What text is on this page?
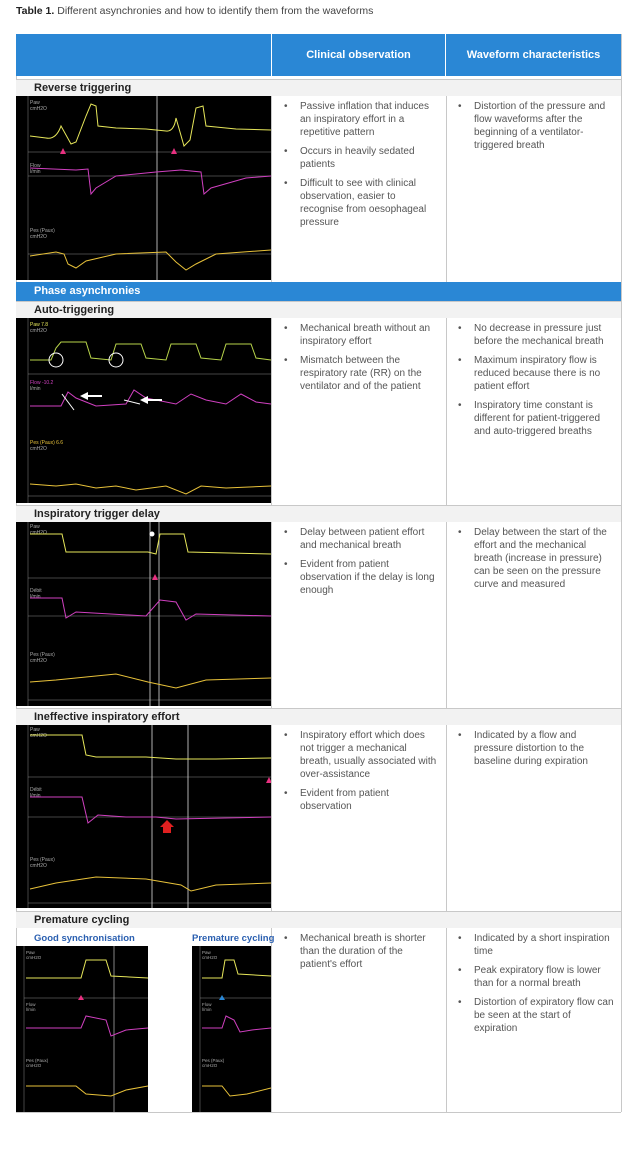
Table 1. Different asynchronies and how to identify them from the waveforms
Clinical observation	Waveform characteristics
Reverse triggering
Paw
cmH2O
Flow
l/min
Pes (Paux)
cmH2O
• Passive inflation that induces an inspiratory effort in a repetitive pattern
• Occurs in heavily sedated patients
• Difficult to see with clinical observation, easier to recognise from oesophageal pressure
• Distortion of the pressure and flow waveforms after the beginning of a ventilator-triggered breath
Phase asynchronies
Auto-triggering
Paw 7.8
cmH2O
Flow -10.2
l/min
Pes (Paux) 6.6
cmH2O
• Mechanical breath without an inspiratory effort
• Mismatch between the respiratory rate (RR) on the ventilator and of the patient
• No decrease in pressure just before the mechanical breath
• Maximum inspiratory flow is reduced because there is no patient effort
• Inspiratory time constant is different for patient-triggered and auto-triggered breaths
Inspiratory trigger delay
Paw
cmH2O
Débit
l/min
Pes (Paux)
cmH2O
• Delay between patient effort and mechanical breath
• Evident from patient observation if the delay is long enough
• Delay between the start of the effort and the mechanical breath (increase in pressure) can be seen on the pressure curve and measured
Ineffective inspiratory effort
Paw
cmH2O
Débit
l/min
Pes (Paux)
cmH2O
• Inspiratory effort which does not trigger a mechanical breath, usually associated with over-assistance
• Evident from patient observation
• Indicated by a flow and pressure distortion to the baseline during expiration
Premature cycling
Good synchronisation	Premature cycling
Paw
cmH2O
Flow
l/min
Pes (Paux)
cmH2O
Paw
cmH2O
Flow
l/min
Pes (Paux)
cmH2O
• Mechanical breath is shorter than the duration of the patient's effort
• Indicated by a short inspiration time
• Peak expiratory flow is lower than for a normal breath
• Distortion of expiratory flow can be seen at the start of expiration
